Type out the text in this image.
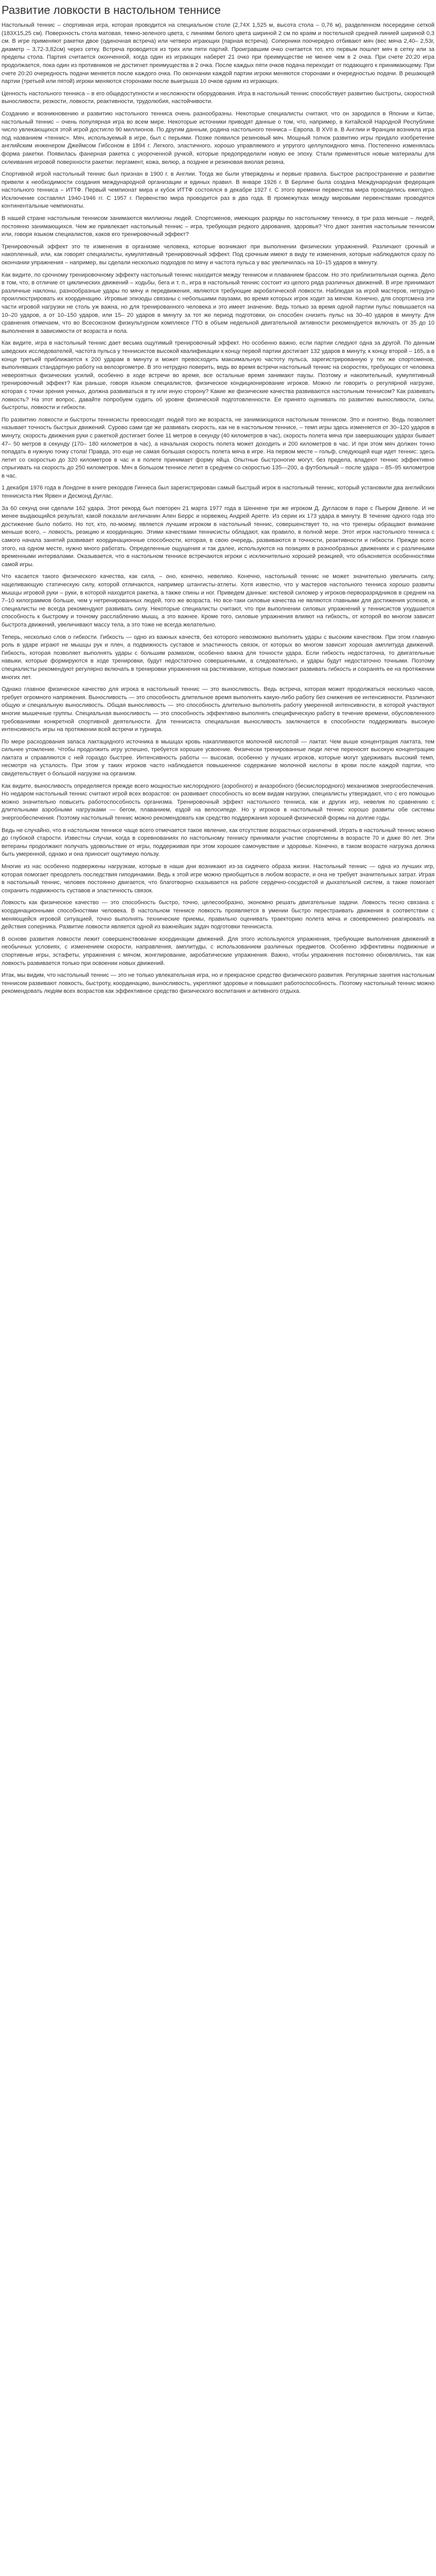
Развитие ловкости в настольном теннисе

Настольный теннис – спортивная игра, которая проводится на специальном столе (2,74Х 1,525 м, высота стола – 0,76 м), разделенном посередине сеткой (183Х15,25 см). Поверхность стола матовая, темно-зеленого цвета, с линиями белого цвета шириной 2 см по краям и постельной средней линией шириной 0,3 см. В игре применяют ракетки двое (одиночная встреча) или четверо играющих (парная встреча). Соперники поочередно отбивают мяч (вес мяча 2,40– 2,53г, диаметр – 3,72-3,82см) через сетку. Встреча проводится из трех или пяти партий. Проигравшим очко считается тот, кто первым пошлет мяч в сетку или за пределы стола. Партия считается оконченной, когда один из играющих наберет 21 очко при преимуществе не менее чем в 2 очка. При счете 20:20 игра продолжается, пока один из противников не достигнет преимущества в 2 очка. После каждых пяти очков подача переходит от подающего к принимающему. При счете 20:20 очередность подачи меняется после каждого очка. По окончании каждой партии игроки меняются сторонами и очередностью подачи. В решающей партии (третьей или пятой) игроки меняются сторонами после выигрыша 10 очков одним из играющих.

Ценность настольного тенниса – в его общедоступности и несложности оборудования. Игра в настольный теннис способствует развитию быстроты, скоростной выносливости, резкости, ловкости, реактивности, трудолюбия, настойчивости.

Созданию и возникновению и развитию настольного тенниса очень разнообразны. Некоторые специалисты считают, что он зародился в Японии и Китае, настольный теннис – очень популярная игра во всем мире. Некоторые источники приводят данные о том, что, например, в Китайской Народной Республике число увлекающихся этой игрой достигло 90 миллионов. По другим данным, родина настольного тенниса – Европа. В XVII в. В Англии и Франции возникла игра под названием «теннис». Мяч, используемый в игре, был с перьями. Позже появился резиновый мяч. Мощный толчок развитию игры придало изобретение английским инженером Джеймсом Гибсоном в 1894 г. Легкого, эластичного, хорошо управляемого и упругого целлулоидного мяча. Постепенно изменялась форма ракетки. Появилась фанерная ракетка с укороченной ручкой, которые предопределили новую ее эпоху. Стали применяться новые материалы для склеивания игровой поверхности ракетки: пергамент, кожа, велюр, а позднее и резиновая виолая резина.

Спортивной игрой настольный теннис был признан в 1900 г. в Англии. Тогда же были утверждены и первые правила. Быстрое распространение и развитие привели к необходимости создания международной организации и единых правил. В январе 1926 г. В Берлине была создана Международная федерация настольного тенниса – ИТТФ. Первый чемпионат мира и кубок ИТТФ состоялся в декабре 1927 г. С этого времени первенства мира проводились ежегодно. Исключение составлял 1940-1946 гг. С 1957 г. Первенство мира проводится раз в два года. В промежутках между мировыми первенствами проводятся континентальные чемпионаты.

В нашей стране настольным теннисом занимаются миллионы людей. Спортсменов, имеющих разряды по настольному теннису, в три раза меньше – людей, постоянно занимающихся. Чем же привлекает настольный теннис – игра, требующая редкого дарования, здоровья? Что дают занятия настольным теннисом или, говоря языком специалистов, каков его тренировочный эффект?

Тренировочный эффект это те изменения в организме человека, которые возникают при выполнении физических упражнений. Различают срочный и накопленный, или, как говорят специалисты, кумулятивный тренировочный эффект. Под срочным имеют в виду те изменения, которые наблюдаются сразу по окончании упражнения – например, вы сделали несколько подходов по мячу и частота пульса у вас увеличилась на 10–15 ударов в минуту.

Как видите, по срочному тренировочному эффекту настольный теннис находится между теннисом и плаванием брассом. Но это приблизительная оценка. Дело в том, что, в отличие от циклических движений – ходьбы, бега и т. п., игра в настольный теннис состоит из целого ряда различных движений. В игре принимают различные наклоны, разнообразные удары по мячу и передвижения, являются требующие акробатической ловкости. Наблюдая за игрой мастеров, нетрудно проиллюстрировать их координацию. Игровые эпизоды связаны с небольшими паузами, во время которых игрок ходит за мячом. Конечно, для спортсмена эти части игровой нагрузки не столь уж важна, но для тренированного человека и это имеет значение. Ведь только за время одной партии пульс повышается на 10–20 ударов, а от 10–150 ударов, или 15– 20 ударов в минуту за тот же период подготовки, он способен снизить пульс на 30–40 ударов в минуту. Для сравнения отмечаем, что во Всесоюзном физкультурном комплексе ГТО в объем недельной двигательной активности рекомендуется включать от 35 до 10 выполнения в зависимости от возраста и пола.

Как видите, игра в настольный теннис дает весьма ощутимый тренировочный эффект. Но особенно важно, если партии следуют одна за другой. По данным шведских исследователей, частота пульса у теннисистов высокой квалификации к концу первой партии достигает 132 ударов в минуту, к концу второй – 165, а в конце третьей приближается к 200 ударам в минуту и может превосходить максимальную частоту пульса, зарегистрированную у тех же спортсменов, выполнявших стандартную работу на велоэргометре. В это нетрудно поверить, ведь во время встречи настольный теннис на скоростях, требующих от человека невероятных физических усилий, особенно в ходе встречи во время, все остальные время занимают паузы. Поэтому и накопительный, кумулятивный тренировочный эффект? Как раньше, говоря языком специалистов, физическое кондиционирование игроков. Можно ли говорить о регулярной нагрузке, которая с точки зрения ученых, должна развиваться в ту или иную сторону? Какие же физические качества развиваются настольным теннисом? Как развивать ловкость? На этот вопрос, давайте попробуем судить об уровне физической подготовленности. Ее принято оценивать по развитию выносливости, силы, быстроты, ловкости и гибкости.

По развитию ловкости и быстроты теннисисты превосходят людей того же возраста, не занимающихся настольным теннисом. Это и понятно. Ведь позволяет называет точность быстрых движений. Сурово сами где же развивать скорость, как не в настольном теннисе, – темп игры здесь изменяется от 30–120 ударов в минуту, скорость движения руки с ракеткой достигает более 11 метров в секунду (40 километров в час), скорость полета мяча при завершающих ударах бывает 47– 50 метров в секунду (170– 180 километров в час), а начальная скорость полета может доходить и 200 километров в час. И при этом мяч должен точно попадать в нужную точку стола! Правда, это еще не самая большая скорость полета мяча в игре. На первом месте – гольф, следующей еще идет теннис: здесь летит со скоростью до 320 километров в час и в полете принимает форму яйца. Опытные быстроногие могут, без предела, владеют теннис эффективно спрыгивать на скорость до 250 километров. Мяч в большом теннисе летит в среднем со скоростью 135—200, а футбольный – после удара – 85–95 километров в час.

1 декабря 1976 года в Лондоне в книге рекордов Гиннеса был зарегистрирован самый быстрый игрок в настольный теннис, который установили два английских теннисиста Ник Ярвен и Десмонд Дуглас.

За 60 секунд они сделали 162 удара. Этот рекорд был повторен 21 марта 1977 года в Шеннене три же игроком Д. Дугласом в паре с Пьером Девеле. И не менее выдающийся результат, какой показали англичанин Ален Беррс и норвежец Андрей Арегге. Из серии их 173 удара в минуту. В течение одного года это достижение было побито. Но тот, кто, по-моему, является лучшим игроком в настольный теннис, совершенствует то, на что тренеры обращают внимание меньше всего, – ловкость, реакцию и координацию. Этими качествами теннисисты обладают, как правило, в полной мере. Этот игрок настольного тенниса с самого начала занятий развивает координационные способности, которая, в свою очередь, развиваются в точности, реактивности и гибкости. Прежде всего этого, на одном месте, нужно много работать. Определенные ощущения и так далее, используются на позициях в разнообразных движениях и с различными временными интервалами. Оказывается, что в настольном теннисе встречаются игроки с исключительно хорошей реакцией, что объясняется особенностями самой игры.

Что касается такого физического качества, как сила, – оно, конечно, невелико. Конечно, настольный теннис не может значительно увеличить силу, нацеливающую статическую силу, которой отличаются, например штангисты-атлеты. Хотя известно, что у мастеров настольного тенниса хорошо развиты мышцы игровой руки – руки, в которой находится ракетка, а также спины и ног. Приведем данные: кистевой силомер у игроков-перворазрядников в среднем на 7–10 килограммов больше, чем у нетренированных людей, того же возраста. Но все-таки силовые качества не являются главными для достижения успехов, и специалисты не всегда рекомендуют развивать силу. Некоторые специалисты считают, что при выполнении силовых упражнений у теннисистов ухудшается способность к быстрому и точному расслаблению мышц, а это важнее. Кроме того, силовые упражнения влияют на гибкость, от которой во многом зависят быстрота движений, увеличивают массу тела, а это тоже не всегда желательно.

Теперь, несколько слов о гибкости. Гибкость — одно из важных качеств, без которого невозможно выполнить удары с высоким качеством. При этом главную роль в ударе играют не мышцы рук и плеч, а подвижность суставов и эластичность связок, от которых во многом зависит хорошая амплитуда движений. Гибкость, которая позволяет выполнять удары с большим размахом, особенно важна для точности удара. Если гибкость недостаточна, то двигательные навыки, которые формируются в ходе тренировки, будут недостаточно совершенными, а следовательно, и удары будут недостаточно точными. Поэтому специалисты рекомендуют регулярно включать в тренировки упражнения на растягивание, которые помогают развивать гибкость и сохранять ее на протяжении многих лет.

Однако главное физическое качество для игрока в настольный теннис — это выносливость. Ведь встреча, которая может продолжаться несколько часов, требует огромного напряжения. Выносливость — это способность длительное время выполнять какую-либо работу без снижения ее интенсивности. Различают общую и специальную выносливость. Общая выносливость — это способность длительно выполнять работу умеренной интенсивности, в которой участвуют многие мышечные группы. Специальная выносливость — это способность эффективно выполнять специфическую работу в течение времени, обусловленного требованиями конкретной спортивной деятельности. Для теннисиста специальная выносливость заключается в способности поддерживать высокую интенсивность игры на протяжении всей встречи и турнира.

По мере расходования запаса лактацидного источника в мышцах кровь накапливаются молочной кислотой — лактат. Чем выше концентрация лактата, тем сильнее утомление. Чтобы продолжить игру успешно, требуется хорошее усвоение. Физически тренированные люди легче переносят высокую концентрацию лактата и справляются с ней гораздо быстрее. Интенсивность работы — высокая, особенно у лучших игроков, которые могут удерживать высокий темп, несмотря на усталость. При этом у таких игроков часто наблюдается повышенное содержание молочной кислоты в крови после каждой партии, что свидетельствует о большой нагрузке на организм.

Как видите, выносливость определяется прежде всего мощностью кислородного (аэробного) и анаэробного (бескислородного) механизмов энергообеспечения. Но недаром настольный теннис считают игрой всех возрастов: он развивает способность ко всем видам нагрузки, специалисты утверждают, что с его помощью можно значительно повысить работоспособность организма. Тренировочный эффект настольного тенниса, как и других игр, невелик по сравнению с длительными аэробными нагрузками — бегом, плаванием, ездой на велосипеде. Но у игроков в настольный теннис хорошо развиты обе системы энергообеспечения. Поэтому настольный теннис можно рекомендовать как средство поддержания хорошей физической формы на долгие годы.

Ведь не случайно, что в настольном теннисе чаще всего отмечается такое явление, как отсутствие возрастных ограничений. Играть в настольный теннис можно до глубокой старости. Известны случаи, когда в соревнованиях по настольному теннису принимали участие спортсмены в возрасте 70 и даже 80 лет. Эти ветераны продолжают получать удовольствие от игры, поддерживая при этом хорошее самочувствие и здоровье. Конечно, в таком возрасте нагрузка должна быть умеренной, однако и она приносит ощутимую пользу.

Многие из нас особенно подвержены нагрузкам, которые в наши дни возникают из-за сидячего образа жизни. Настольный теннис — одна из лучших игр, которая помогает преодолеть последствия гиподинамии. Ведь к этой игре можно приобщиться в любом возрасте, и она не требует значительных затрат. Играя в настольный теннис, человек постоянно двигается, что благотворно сказывается на работе сердечно-сосудистой и дыхательной систем, а также помогает сохранить подвижность суставов и эластичность связок.

Ловкость как физическое качество — это способность быстро, точно, целесообразно, экономно решать двигательные задачи. Ловкость тесно связана с координационными способностями человека. В настольном теннисе ловкость проявляется в умении быстро перестраивать движения в соответствии с меняющейся игровой ситуацией, точно выполнять технические приемы, правильно оценивать траекторию полета мяча и своевременно реагировать на действия соперника. Развитие ловкости является одной из важнейших задач подготовки теннисиста.

В основе развития ловкости лежит совершенствование координации движений. Для этого используются упражнения, требующие выполнения движений в необычных условиях, с изменением скорости, направления, амплитуды, с использованием различных предметов. Особенно эффективны подвижные и спортивные игры, эстафеты, упражнения с мячом, жонглирование, акробатические упражнения. Важно, чтобы упражнения постоянно обновлялись, так как ловкость развивается только при освоении новых движений.

Итак, мы видим, что настольный теннис — это не только увлекательная игра, но и прекрасное средство физического развития. Регулярные занятия настольным теннисом развивают ловкость, быстроту, координацию, выносливость, укрепляют здоровье и повышают работоспособность. Поэтому настольный теннис можно рекомендовать людям всех возрастов как эффективное средство физического воспитания и активного отдыха.
